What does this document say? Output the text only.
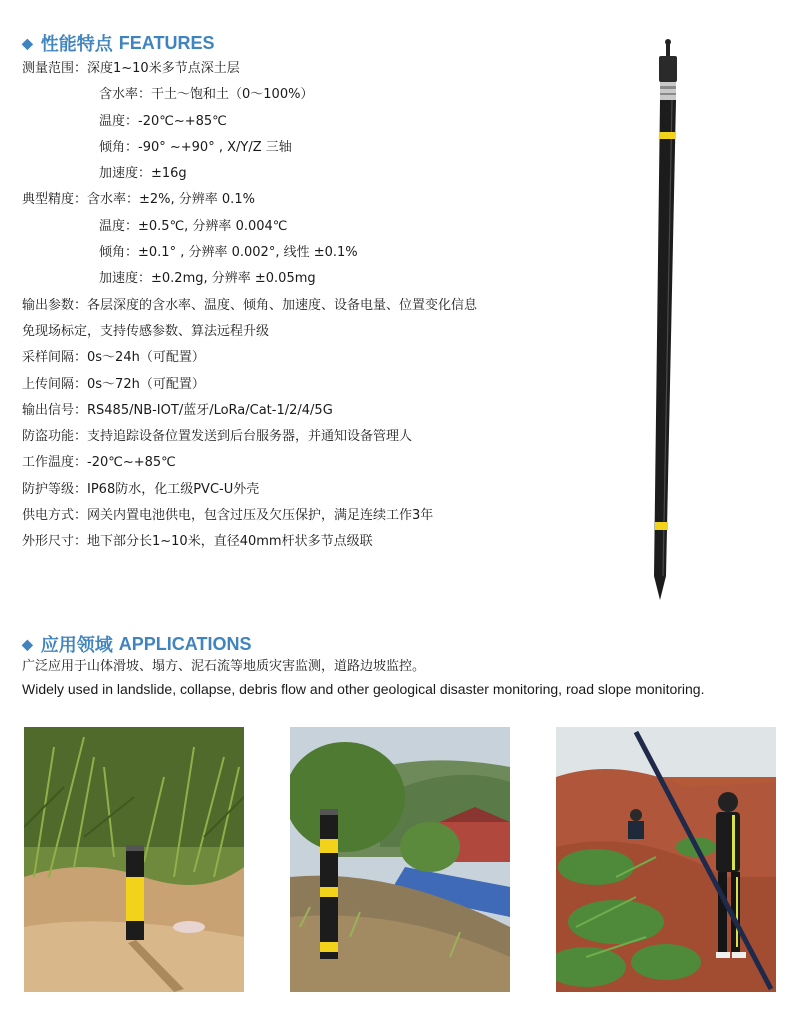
◆ 性能特点 FEATURES
测量范围：深度1~10米多节点深土层
含水率：干土～饱和土（0～100%）
温度：-20℃~+85℃
倾角：-90° ~+90° , X/Y/Z 三轴
加速度：±16g
典型精度：含水率：±2%, 分辨率 0.1%
温度：±0.5℃, 分辨率 0.004℃
倾角：±0.1° , 分辨率 0.002°, 线性 ±0.1%
加速度：±0.2mg, 分辨率 ±0.05mg
输出参数：各层深度的含水率、温度、倾角、加速度、设备电量、位置变化信息
免现场标定，支持传感参数、算法远程升级
采样间隔：0s～24h（可配置）
上传间隔：0s～72h（可配置）
输出信号：RS485/NB-IOT/蓝牙/LoRa/Cat-1/2/4/5G
防盗功能：支持追踪设备位置发送到后台服务器，并通知设备管理人
工作温度：-20℃~+85℃
防护等级：IP68防水，化工级PVC-U外壳
供电方式：网关内置电池供电，包含过压及欠压保护，满足连续工作3年
外形尺寸：地下部分长1~10米，直径40mm杆状多节点级联
◆ 应用领域 APPLICATIONS
广泛应用于山体滑坡、塌方、泥石流等地质灾害监测，道路边坡监控。
Widely used in landslide, collapse, debris flow and other geological disaster monitoring, road slope monitoring.
